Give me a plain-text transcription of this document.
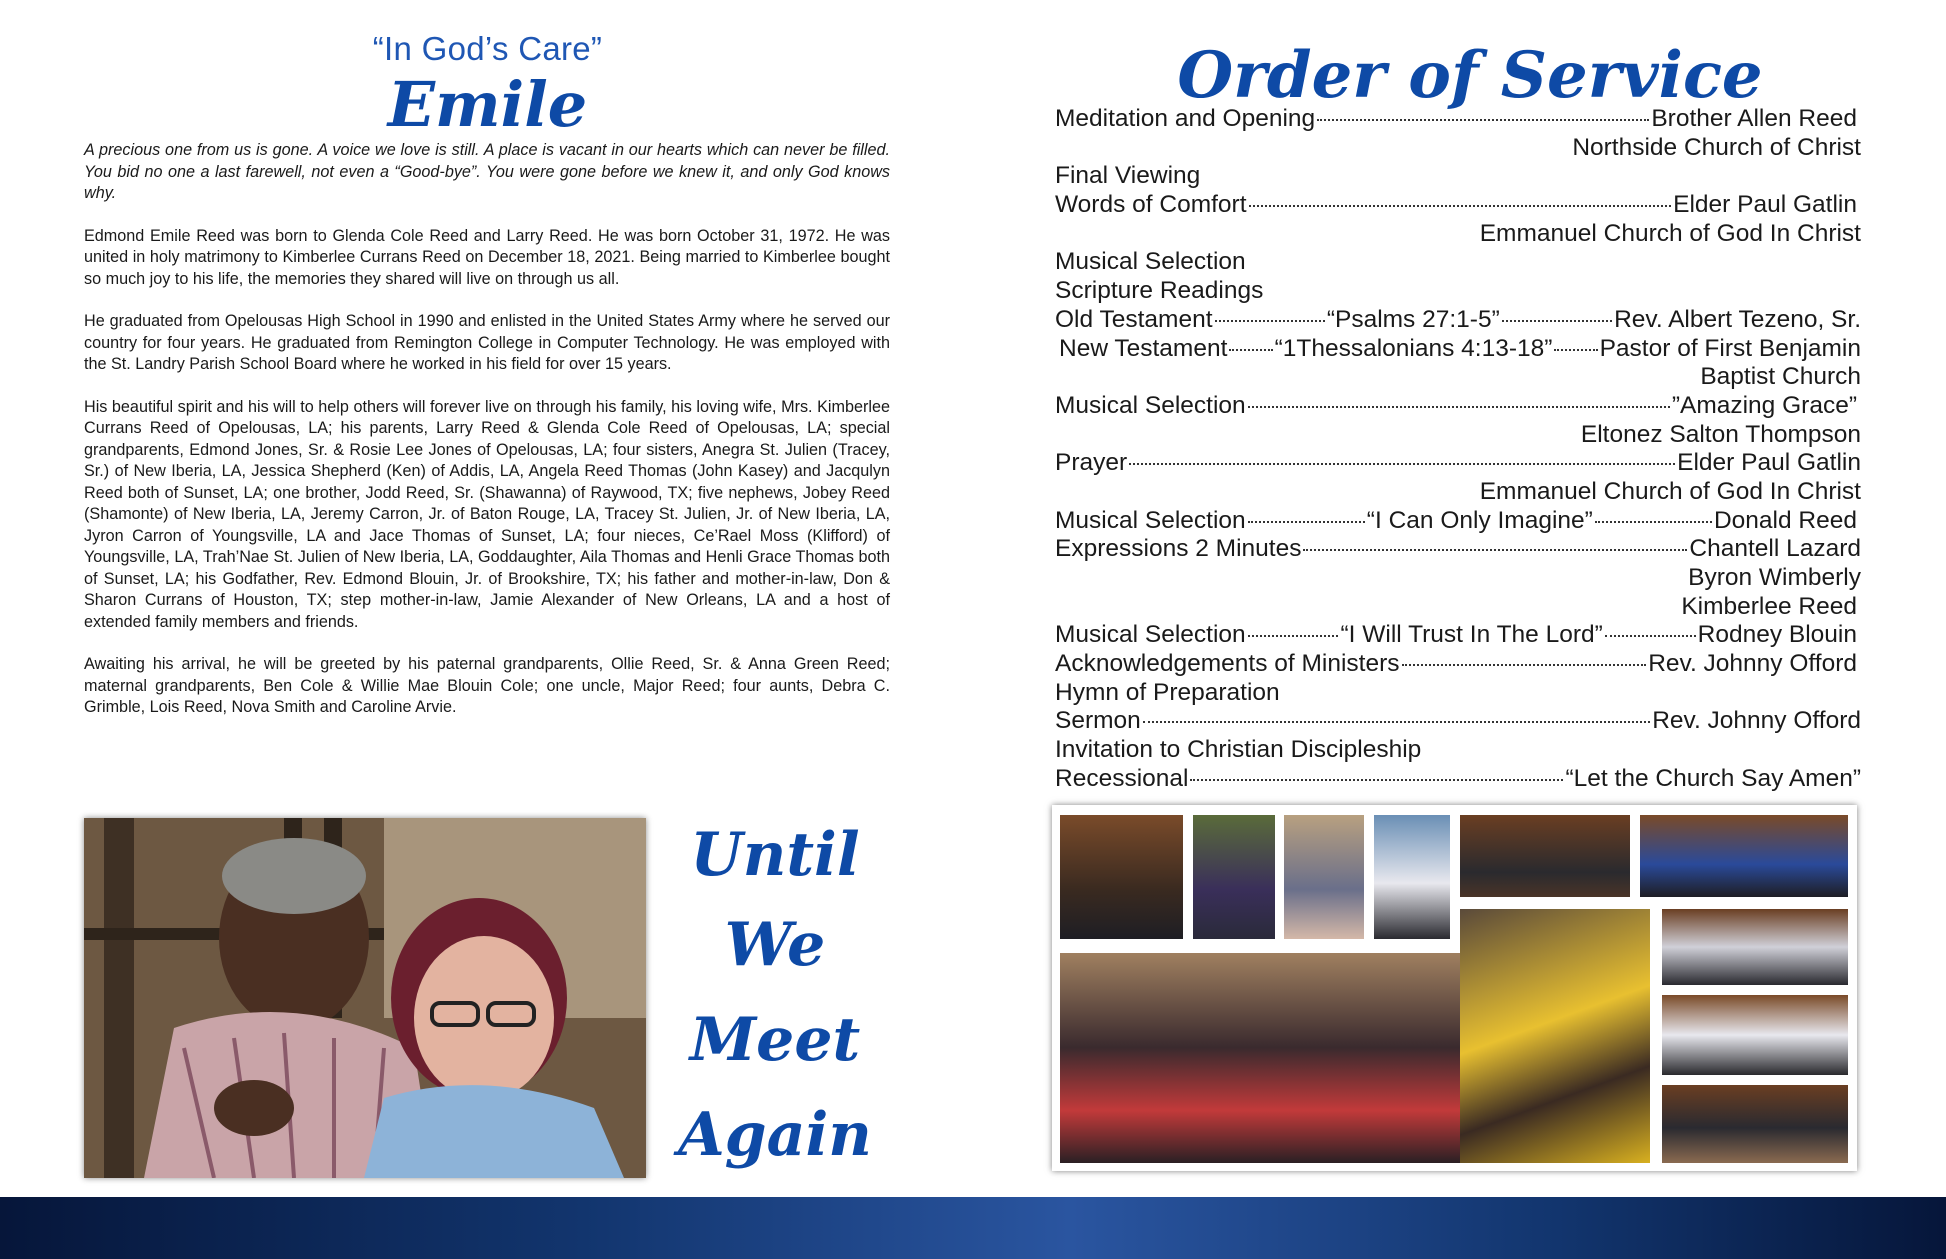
“In God’s Care”
Emile

A precious one from us is gone. A voice we love is still. A place is vacant in our hearts which can never be filled. You bid no one a last farewell, not even a “Good-bye”. You were gone before we knew it, and only God knows why.

Edmond Emile Reed was born to Glenda Cole Reed and Larry Reed. He was born October 31, 1972. He was united in holy matrimony to Kimberlee Currans Reed on December 18, 2021. Being married to Kimberlee bought so much joy to his life, the memories they shared will live on through us all.

He graduated from Opelousas High School in 1990 and enlisted in the United States Army where he served our country for four years. He graduated from Remington College in Computer Technology. He was employed with the St. Landry Parish School Board where he worked in his field for over 15 years.

His beautiful spirit and his will to help others will forever live on through his family, his loving wife, Mrs. Kimberlee Currans Reed of Opelousas, LA; his parents, Larry Reed & Glenda Cole Reed of Opelousas, LA; special grandparents, Edmond Jones, Sr. & Rosie Lee Jones of Opelousas, LA; four sisters, Anegra St. Julien (Tracey, Sr.) of New Iberia, LA, Jessica Shepherd (Ken) of Addis, LA, Angela Reed Thomas (John Kasey) and Jacqulyn Reed both of Sunset, LA; one brother, Jodd Reed, Sr. (Shawanna) of Raywood, TX; five nephews, Jobey Reed (Shamonte) of New Iberia, LA, Jeremy Carron, Jr. of Baton Rouge, LA, Tracey St. Julien, Jr. of New Iberia, LA, Jyron Carron of Youngsville, LA and Jace Thomas of Sunset, LA; four nieces, Ce’Rael Moss (Klifford) of Youngsville, LA, Trah’Nae St. Julien of New Iberia, LA, Goddaughter, Aila Thomas and Henli Grace Thomas both of Sunset, LA; his Godfather, Rev. Edmond Blouin, Jr. of Brookshire, TX; his father and mother-in-law, Don & Sharon Currans of Houston, TX; step mother-in-law, Jamie Alexander of New Orleans, LA and a host of extended family members and friends.

Awaiting his arrival, he will be greeted by his paternal grandparents, Ollie Reed, Sr. & Anna Green Reed; maternal grandparents, Ben Cole & Willie Mae Blouin Cole; one uncle, Major Reed; four aunts, Debra C. Grimble, Lois Reed, Nova Smith and Caroline Arvie.

Until
We
Meet
Again
Order of Service
Meditation and Opening	Brother Allen Reed
Northside Church of Christ
Final Viewing
Words of Comfort	Elder Paul Gatlin
Emmanuel Church of God In Christ
Musical Selection
Scripture Readings
Old Testament	“Psalms 27:1-5”	Rev. Albert Tezeno, Sr.
New Testament “1Thessalonians 4:13-18” Pastor of First Benjamin
Baptist Church
Musical Selection	”Amazing Grace”
Eltonez Salton Thompson
Prayer	Elder Paul Gatlin
Emmanuel Church of God In Christ
Musical Selection	“I Can Only Imagine”	Donald Reed
Expressions 2 Minutes	Chantell Lazard
Byron Wimberly
Kimberlee Reed
Musical Selection	“I Will Trust In The Lord”	Rodney Blouin
Acknowledgements of Ministers	Rev. Johnny Offord
Hymn of Preparation
Sermon	Rev. Johnny Offord
Invitation to Christian Discipleship
Recessional	“Let the Church Say Amen”
